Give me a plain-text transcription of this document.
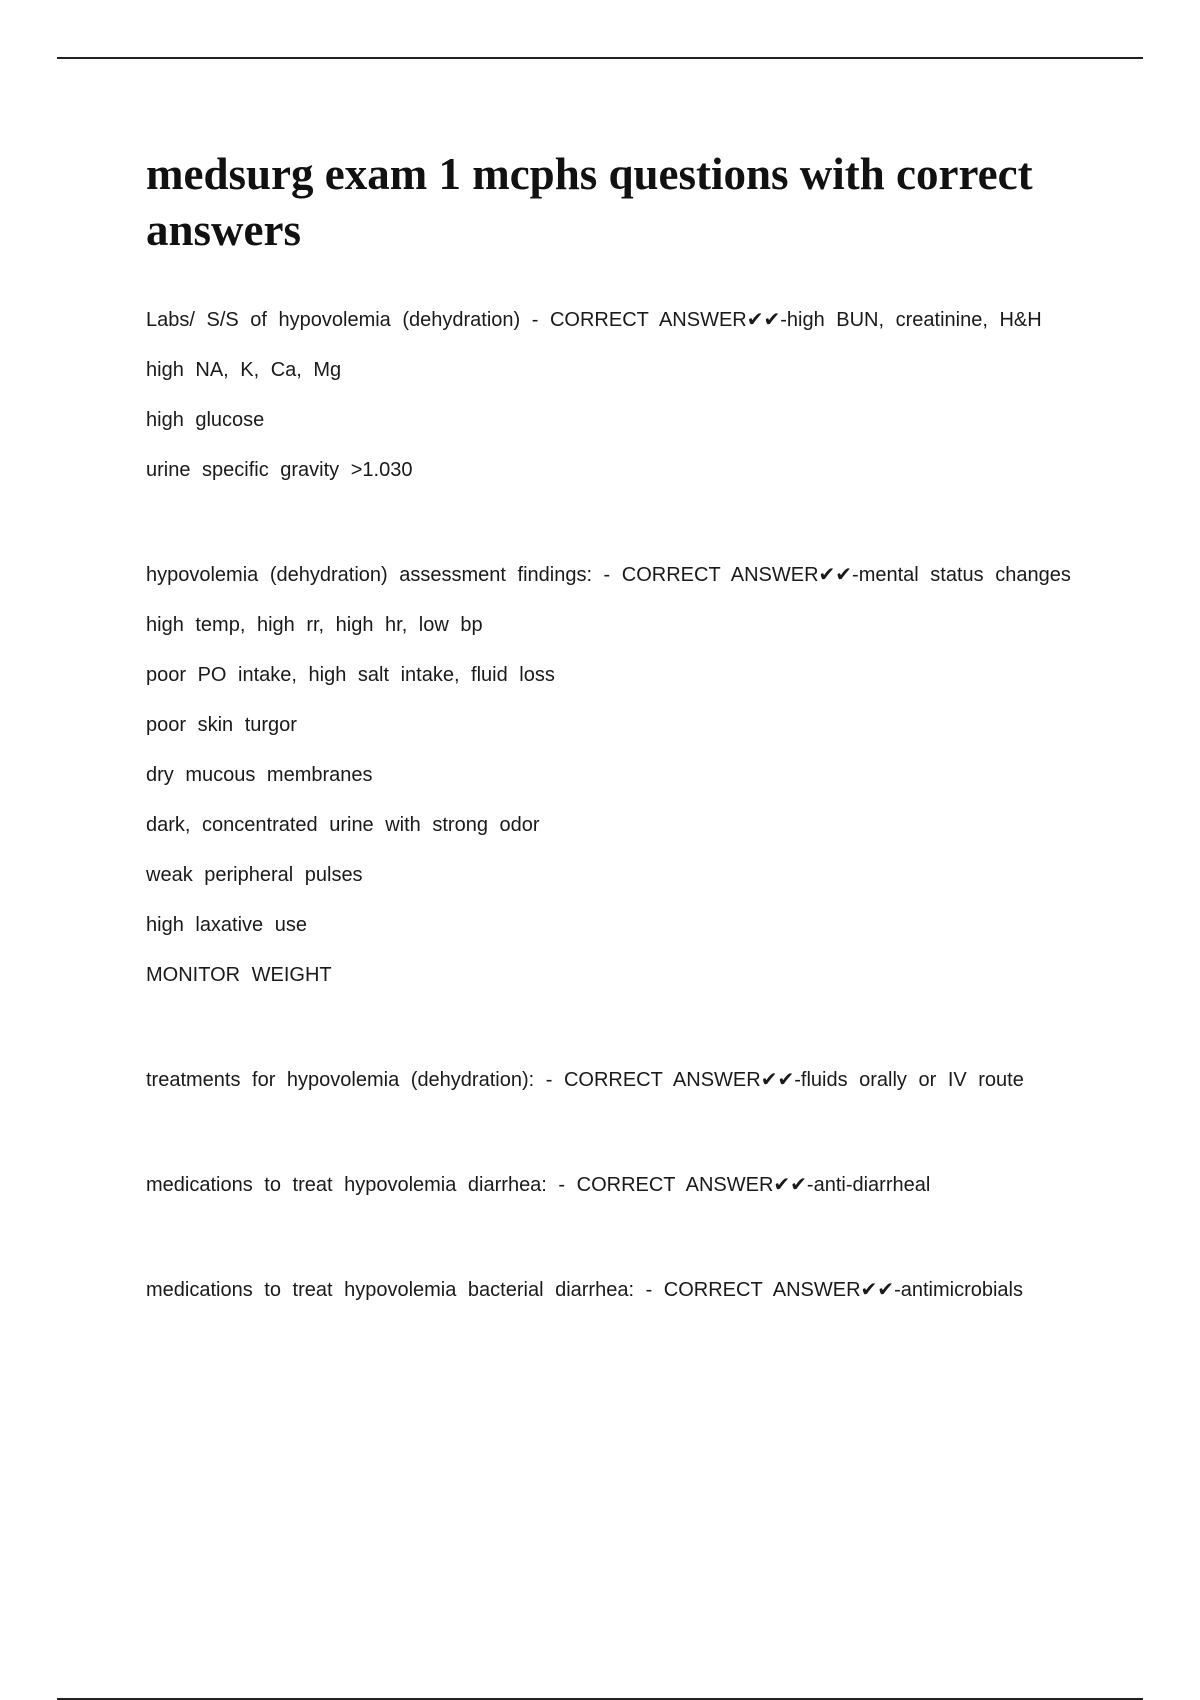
medsurg exam 1 mcphs questions with correct answers
Labs/ S/S of hypovolemia (dehydration) - CORRECT ANSWER✔✔-high BUN, creatinine, H&H
high NA, K, Ca, Mg
high glucose
urine specific gravity >1.030
hypovolemia (dehydration) assessment findings: - CORRECT ANSWER✔✔-mental status changes
high temp, high rr, high hr, low bp
poor PO intake, high salt intake, fluid loss
poor skin turgor
dry mucous membranes
dark, concentrated urine with strong odor
weak peripheral pulses
high laxative use
MONITOR WEIGHT
treatments for hypovolemia (dehydration): - CORRECT ANSWER✔✔-fluids orally or IV route
medications to treat hypovolemia diarrhea: - CORRECT ANSWER✔✔-anti-diarrheal
medications to treat hypovolemia bacterial diarrhea: - CORRECT ANSWER✔✔-antimicrobials
